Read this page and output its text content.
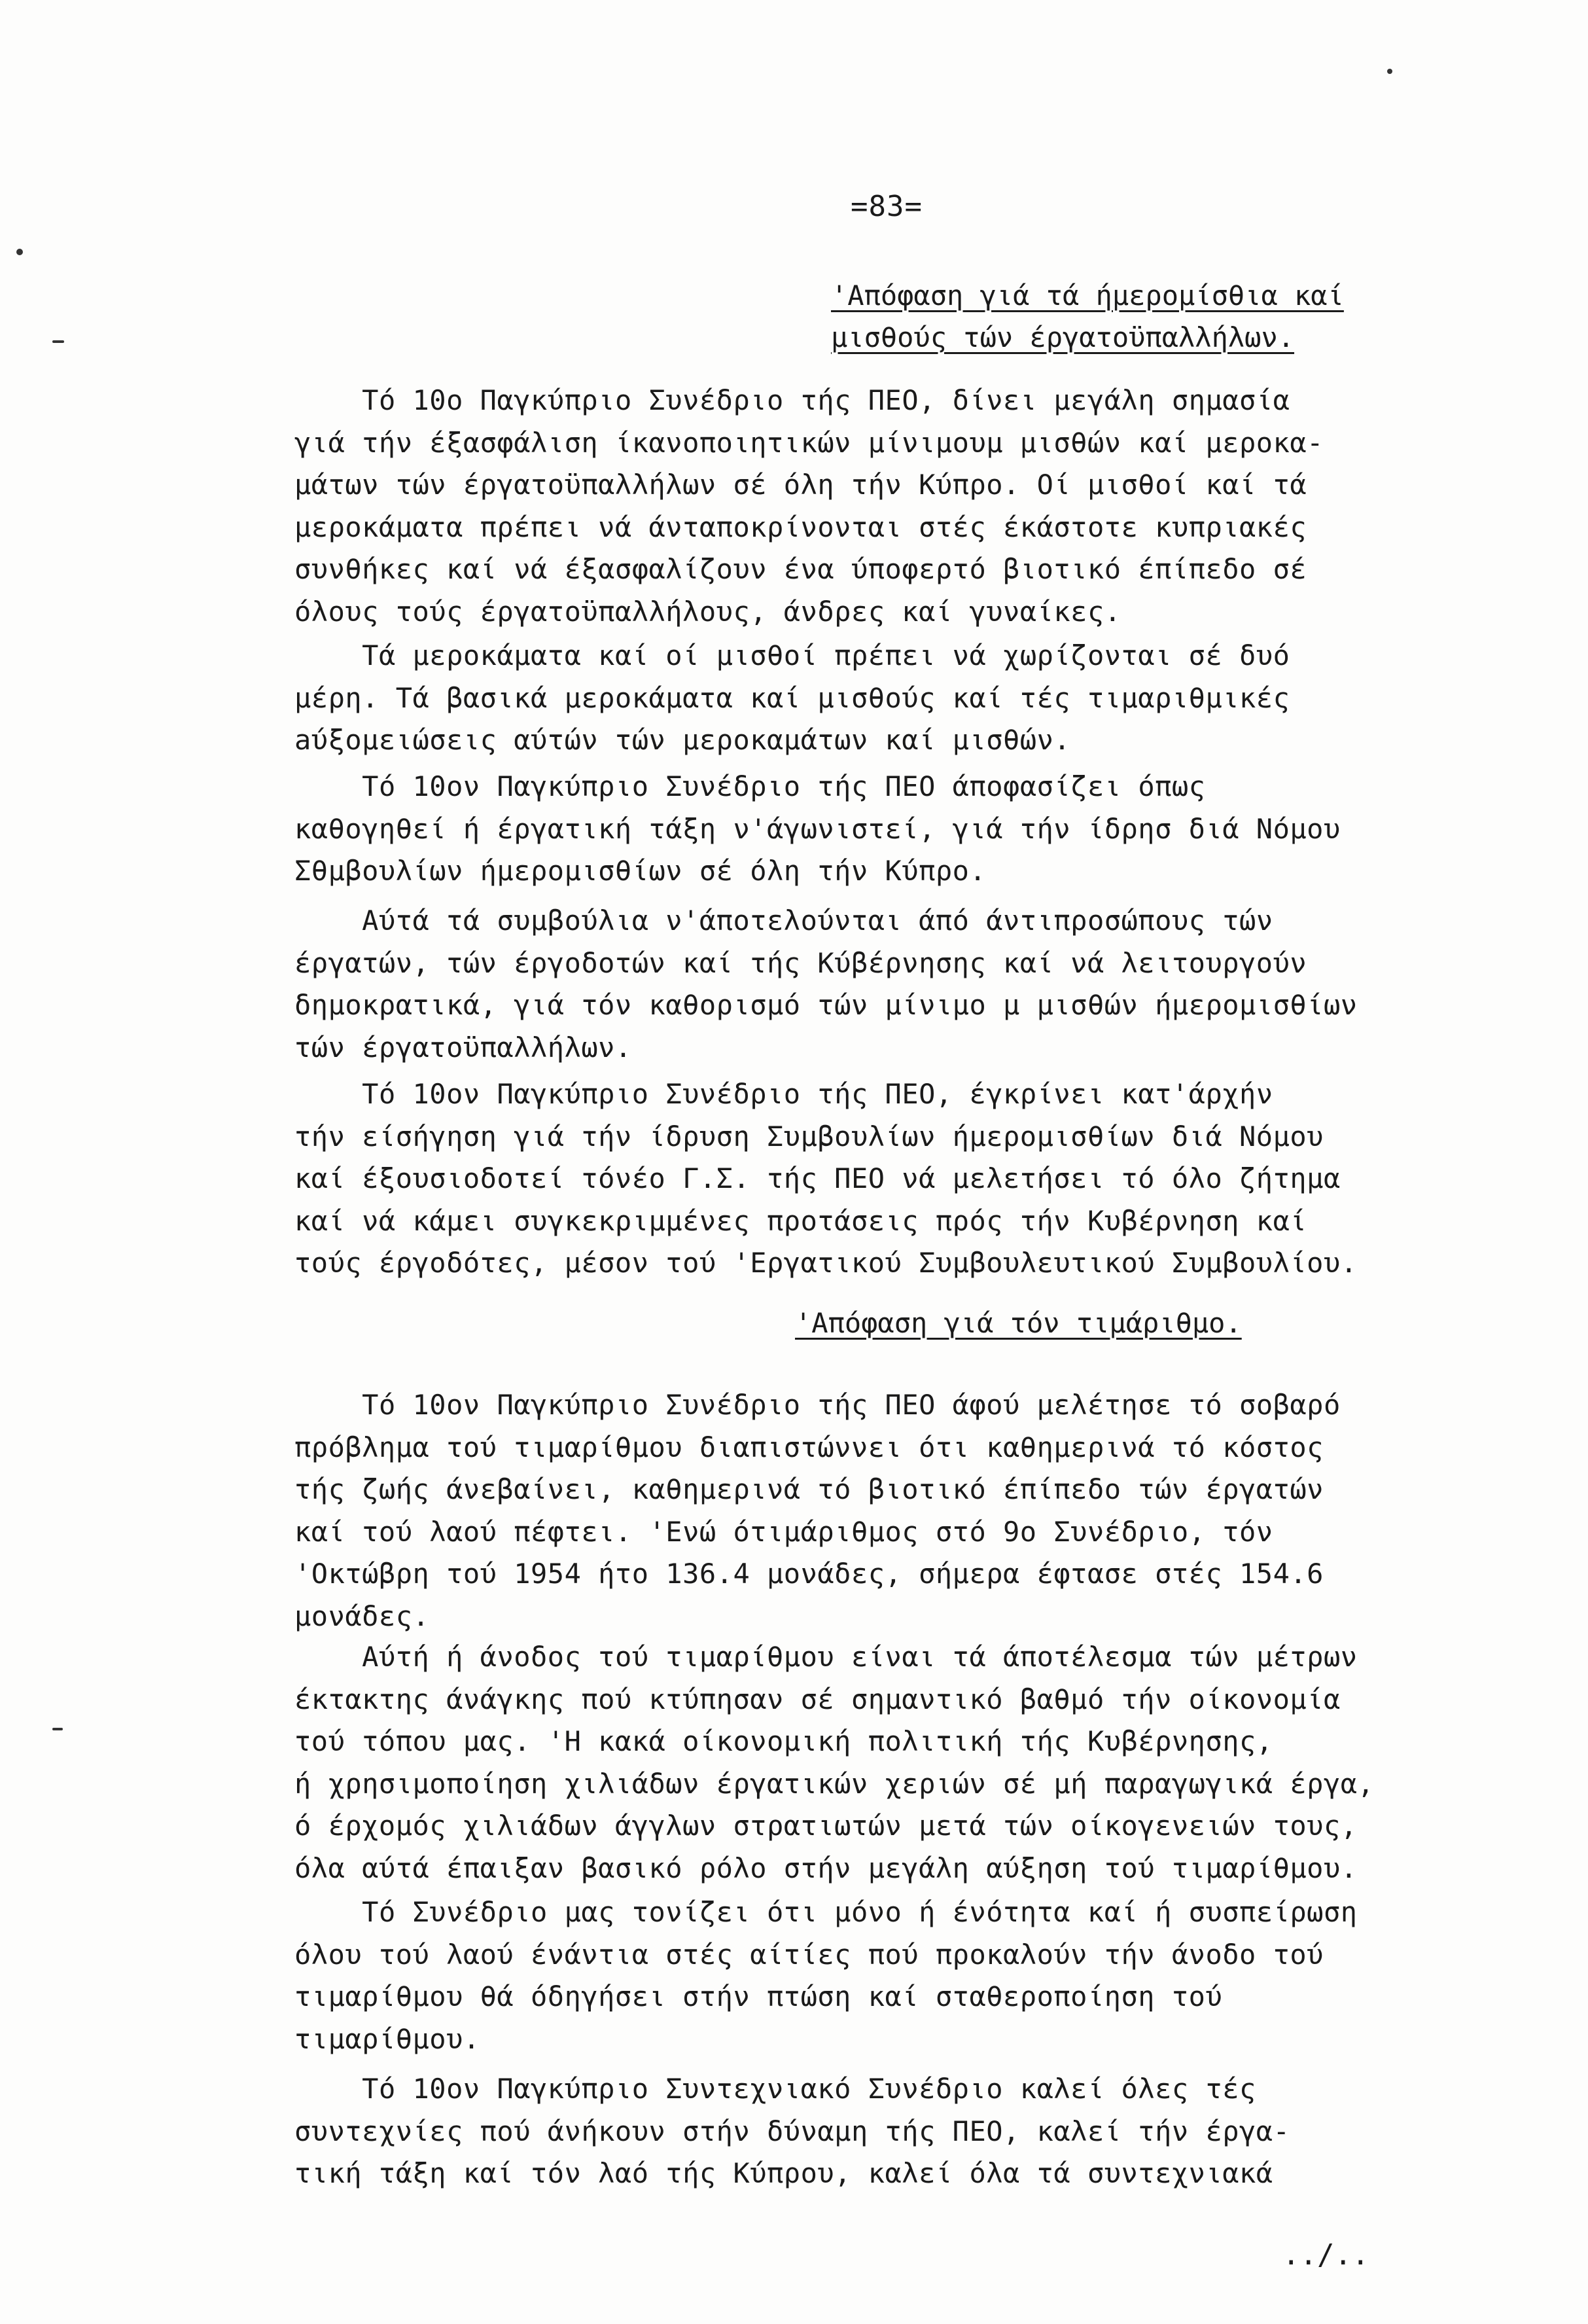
=83=
'Απόφαση γιά τά ήμερομίσθια καί
μισθούς τών έργατοϋπαλλήλων.
Τό 10ο Παγκύπριο Συνέδριο τής ΠΕΟ, δίνει μεγάλη σημασία
γιά τήν έξασφάλιση ίκανοποιητικών μίνιμουμ μισθών καί μεροκα-
μάτων τών έργατοϋπαλλήλων σέ όλη τήν Κύπρο. Οί μισθοί καί τά
μεροκάματα πρέπει νά άνταποκρίνονται στές έκάστοτε κυπριακές
συνθήκες καί νά έξασφαλίζουν ένα ύποφερτό βιοτικό έπίπεδο σέ
όλους τούς έργατοϋπαλλήλους, άνδρες καί γυναίκες.
Τά μεροκάματα καί οί μισθοί πρέπει νά χωρίζονται σέ δυό
μέρη. Τά βασικά μεροκάματα καί μισθούς καί τές τιμαριθμικές
aύξομειώσεις αύτών τών μεροκαμάτων καί μισθών.
Τό 10ον Παγκύπριο Συνέδριο τής ΠΕΟ άποφασίζει όπως
καθογηθεί ή έργατική τάξη ν'άγωνιστεί, γιά τήν ίδρησ διά Νόμου
Σθμβουλίων ήμερομισθίων σέ όλη τήν Κύπρο.
Αύτά τά συμβούλια ν'άποτελούνται άπό άντιπροσώπους τών
έργατών, τών έργοδοτών καί τής Κύβέρνησης καί νά λειτουργούν
δημοκρατικά, γιά τόν καθορισμό τών μίνιμο μ μισθών ήμερομισθίων
τών έργατοϋπαλλήλων.
Τό 10ον Παγκύπριο Συνέδριο τής ΠΕΟ, έγκρίνει κατ'άρχήν
τήν είσήγηση γιά τήν ίδρυση Συμβουλίων ήμερομισθίων διά Νόμου
καί έξουσιοδοτεί τόνέο Γ.Σ. τής ΠΕΟ νά μελετήσει τό όλο ζήτημα
καί νά κάμει συγκεκριμμένες προτάσεις πρός τήν Κυβέρνηση καί
τούς έργοδότες, μέσον τού 'Εργατικού Συμβουλευτικού Συμβουλίου.
'Απόφαση γιά τόν τιμάριθμο.
Τό 10ον Παγκύπριο Συνέδριο τής ΠΕΟ άφού μελέτησε τό σοβαρό
πρόβλημα τού τιμαρίθμου διαπιστώννει ότι καθημερινά τό κόστος
τής ζωής άνεβαίνει, καθημερινά τό βιοτικό έπίπεδο τών έργατών
καί τού λαού πέφτει. 'Ενώ ότιμάριθμος στό 9ο Συνέδριο, τόν
'Οκτώβρη τού 1954 ήτο 136.4 μονάδες, σήμερα έφτασε στές 154.6
μονάδες.
Αύτή ή άνοδος τού τιμαρίθμου είναι τά άποτέλεσμα τών μέτρων
έκτακτης άνάγκης πού κτύπησαν σέ σημαντικό βαθμό τήν οίκονομία
τού τόπου μας. 'Η κακά οίκονομική πολιτική τής Κυβέρνησης,
ή χρησιμοποίηση χιλιάδων έργατικών χεριών σέ μή παραγωγικά έργα,
ό έρχομός χιλιάδων άγγλων στρατιωτών μετά τών οίκογενειών τους,
όλα αύτά έπαιξαν βασικό ρόλο στήν μεγάλη αύξηση τού τιμαρίθμου.
Τό Συνέδριο μας τονίζει ότι μόνο ή ένότητα καί ή συσπείρωση
όλου τού λαού ένάντια στές αίτίες πού προκαλούν τήν άνοδο τού
τιμαρίθμου θά όδηγήσει στήν πτώση καί σταθεροποίηση τού
τιμαρίθμου.
Τό 10ον Παγκύπριο Συντεχνιακό Συνέδριο καλεί όλες τές
συντεχνίες πού άνήκουν στήν δύναμη τής ΠΕΟ, καλεί τήν έργα-
τική τάξη καί τόν λαό τής Κύπρου, καλεί όλα τά συντεχνιακά
../..
